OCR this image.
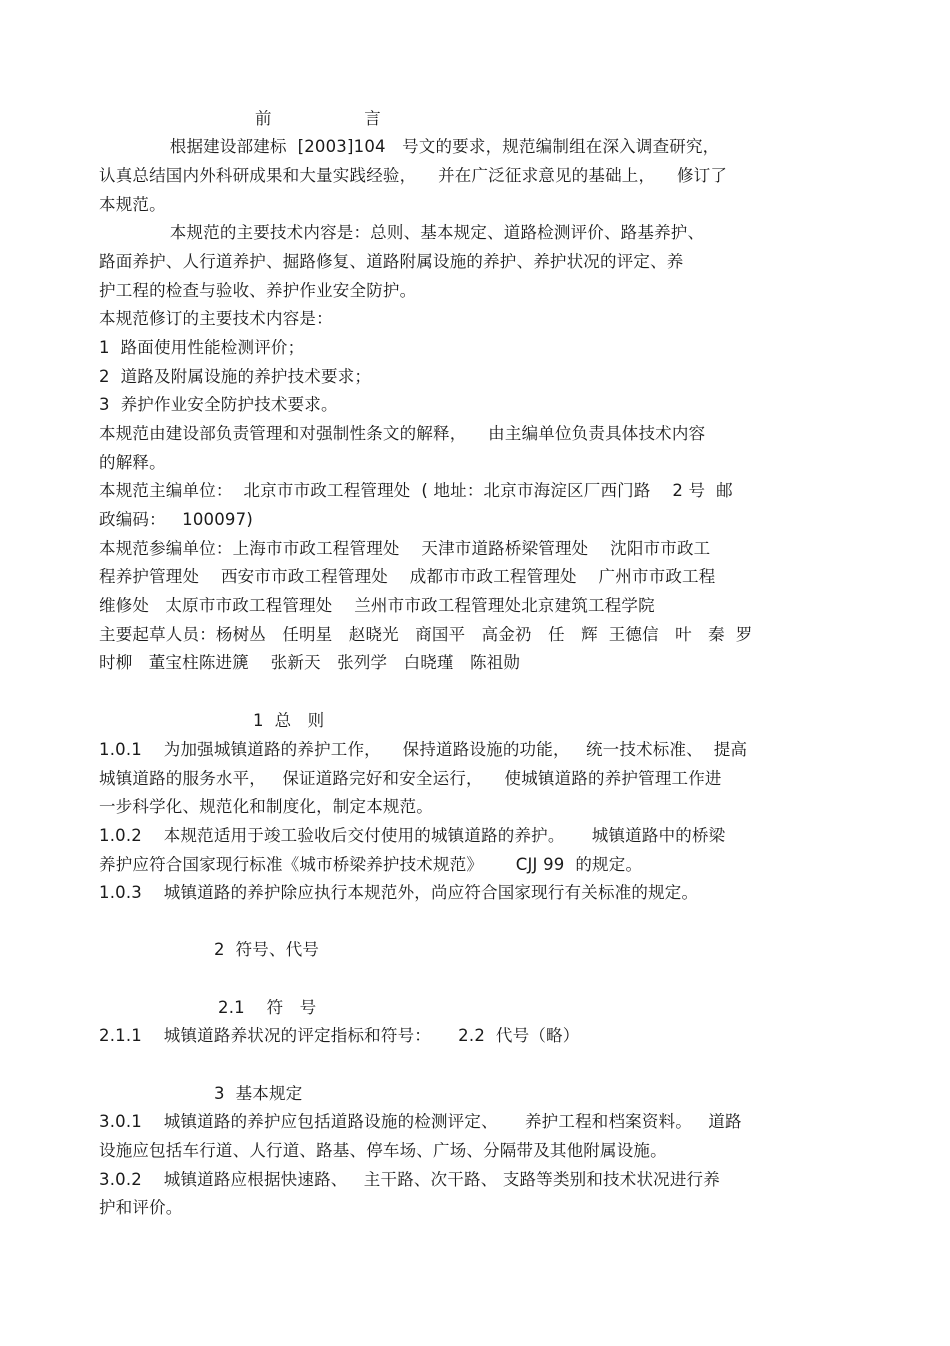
前                 言
根据建设部建标  [2003]104   号文的要求，规范编制组在深入调查研究，
认真总结国内外科研成果和大量实践经验，    并在广泛征求意见的基础上，    修订了
本规范。
本规范的主要技术内容是：总则、基本规定、道路检测评价、路基养护、
路面养护、人行道养护、掘路修复、道路附属设施的养护、养护状况的评定、养
护工程的检查与验收、养护作业安全防护。
本规范修订的主要技术内容是：
1  路面使用性能检测评价；
2  道路及附属设施的养护技术要求；
3  养护作业安全防护技术要求。
本规范由建设部负责管理和对强制性条文的解释，    由主编单位负责具体技术内容
的解释。
本规范主编单位：  北京市市政工程管理处  ( 地址：北京市海淀区厂西门路    2 号  邮
政编码：   100097)
本规范参编单位：上海市市政工程管理处    天津市道路桥梁管理处    沈阳市市政工
程养护管理处    西安市市政工程管理处    成都市市政工程管理处    广州市市政工程
维修处   太原市市政工程管理处    兰州市市政工程管理处北京建筑工程学院
主要起草人员：杨树丛   任明星   赵晓光   商国平   高金礽   任   辉  王德信   叶   秦  罗
时柳   董宝柱陈进篪    张新天   张列学   白晓瑾   陈祖勋
1  总   则
1.0.1    为加强城镇道路的养护工作，    保持道路设施的功能，   统一技术标准、  提高
城镇道路的服务水平，   保证道路完好和安全运行，    使城镇道路的养护管理工作进
一步科学化、规范化和制度化，制定本规范。
1.0.2    本规范适用于竣工验收后交付使用的城镇道路的养护。     城镇道路中的桥梁
养护应符合国家现行标准《城市桥梁养护技术规范》      CJJ 99  的规定。
1.0.3    城镇道路的养护除应执行本规范外，尚应符合国家现行有关标准的规定。
2  符号、代号
2.1    符   号
2.1.1    城镇道路养状况的评定指标和符号：     2.2  代号（略）
3  基本规定
3.0.1    城镇道路的养护应包括道路设施的检测评定、     养护工程和档案资料。   道路
设施应包括车行道、人行道、路基、停车场、广场、分隔带及其他附属设施。
3.0.2    城镇道路应根据快速路、   主干路、次干路、 支路等类别和技术状况进行养
护和评价。
